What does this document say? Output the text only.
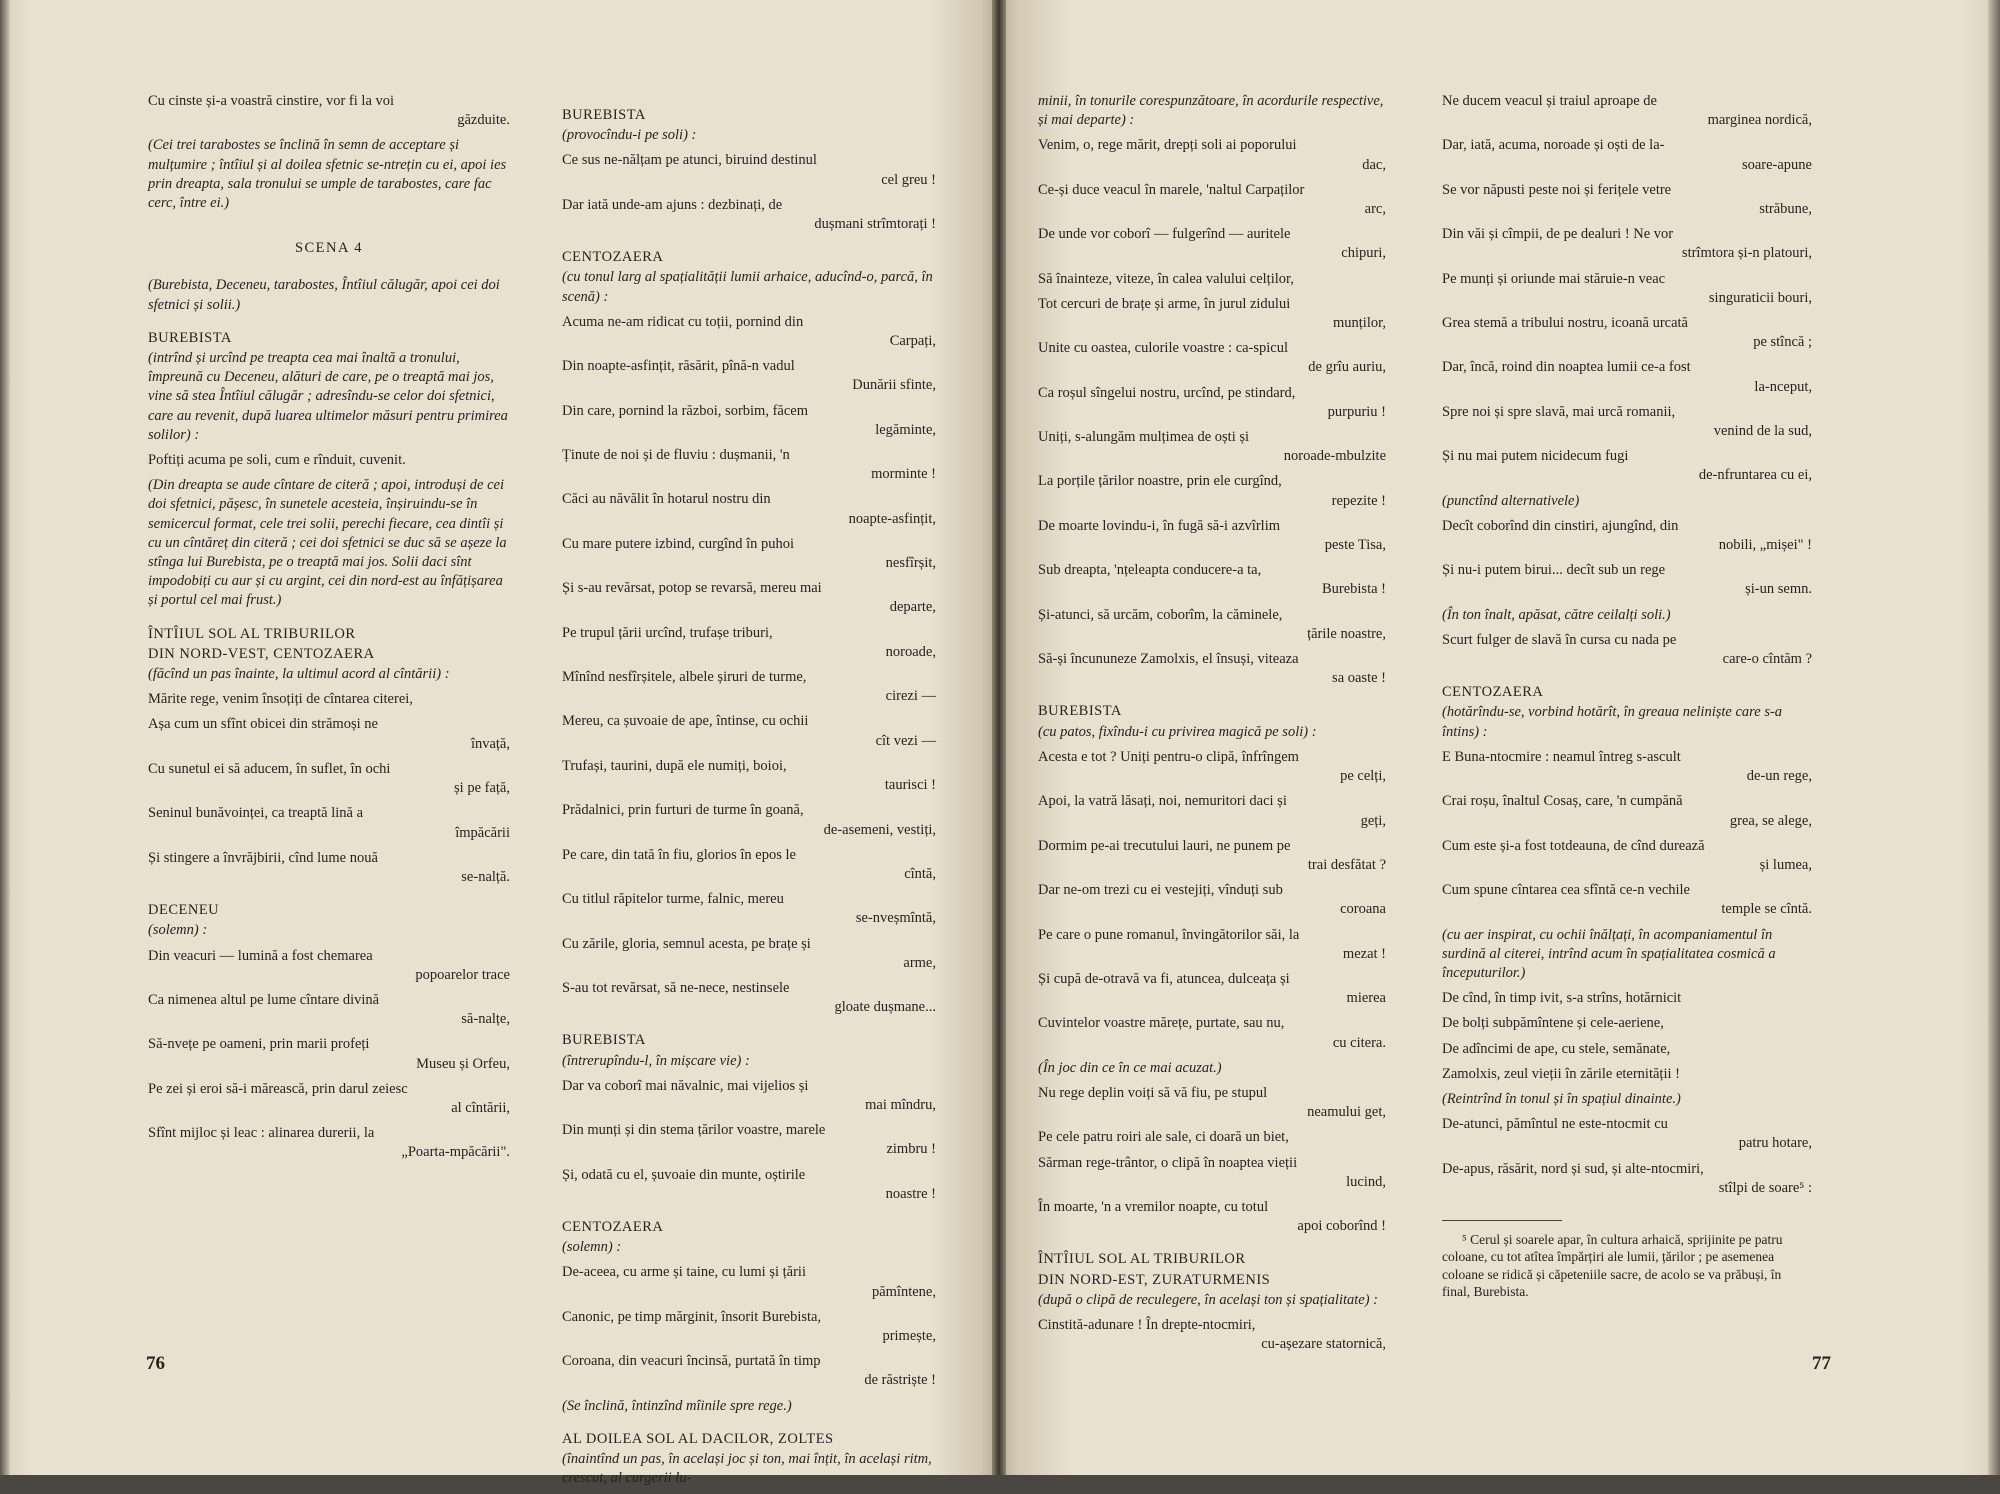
Cu cinste și-a voastră cinstire, vor fi la voi
găzduite.

(Cei trei tarabostes se înclină în semn de acceptare și mulțumire ; întîiul și al doilea sfetnic se-ntrețin cu ei, apoi ies prin dreapta, sala tronului se umple de tarabostes, care fac cerc, între ei.)
SCENA 4
(Burebista, Deceneu, tarabostes, Întîiul călugăr, apoi cei doi sfetnici și solii.)
BUREBISTA
(intrînd și urcînd pe treapta cea mai înaltă a tronului, împreună cu Deceneu, alături de care, pe o treaptă mai jos, vine să stea Întîiul călugăr ; adresîndu-se celor doi sfetnici, care au revenit, după luarea ultimelor măsuri pentru primirea solilor) :

Poftiți acuma pe soli, cum e rînduit, cuvenit.

(Din dreapta se aude cîntare de citeră ; apoi, introduși de cei doi sfetnici, pășesc, în sunetele acesteia, înșiruindu-se în semicercul format, cele trei solii, perechi fiecare, cea dintîi și cu un cîntăreț din citeră ; cei doi sfetnici se duc să se așeze la stînga lui Burebista, pe o treaptă mai jos. Solii daci sînt impodobiți cu aur și cu argint, cei din nord-est au înfățișarea și portul cel mai frust.)
ÎNTÎIUL SOL AL TRIBURILOR
DIN NORD-VEST, CENTOZAERA
(făcînd un pas înainte, la ultimul acord al cîntării) :

Mărite rege, venim însoțiți de cîntarea citerei,

Așa cum un sfînt obicei din strămoși ne
învață,

Cu sunetul ei să aducem, în suflet, în ochi
și pe față,

Seninul bunăvoinței, ca treaptă lină a
împăcării

Și stingere a învrăjbirii, cînd lume nouă
se-nalță.

DECENEU
(solemn) :

Din veacuri — lumină a fost chemarea
popoarelor trace

Ca nimenea altul pe lume cîntare divină
să-nalțe,

Să-nvețe pe oameni, prin marii profeți
Museu și Orfeu,

Pe zei și eroi să-i mărească, prin darul zeiesc
al cîntării,

Sfînt mijloc și leac : alinarea durerii, la
„Poarta-mpăcării".

BUREBISTA
(provocîndu-i pe soli) :

Ce sus ne-nălțam pe atunci, biruind destinul
cel greu !

Dar iată unde-am ajuns : dezbinați, de
dușmani strîmtorați !

CENTOZAERA
(cu tonul larg al spațialității lumii arhaice, aducînd-o, parcă, în scenă) :

Acuma ne-am ridicat cu toții, pornind din
Carpați,

Din noapte-asfințit, răsărit, pînă-n vadul
Dunării sfinte,

Din care, pornind la război, sorbim, făcem
legăminte,

Ținute de noi și de fluviu : dușmanii, 'n
morminte !

Căci au năvălit în hotarul nostru din
noapte-asfințit,

Cu mare putere izbind, curgînd în puhoi
nesfîrșit,

Și s-au revărsat, potop se revarsă, mereu mai
departe,

Pe trupul țării urcînd, trufașe triburi,
noroade,

Mînînd nesfîrșitele, albele șiruri de turme,
cirezi —

Mereu, ca șuvoaie de ape, întinse, cu ochii
cît vezi —

Trufași, taurini, după ele numiți, boioi,
taurisci !

Prădalnici, prin furturi de turme în goană,
de-asemeni, vestiți,

Pe care, din tată în fiu, glorios în epos le
cîntă,

Cu titlul răpitelor turme, falnic, mereu
se-nveșmîntă,

Cu zările, gloria, semnul acesta, pe brațe și
arme,

S-au tot revărsat, să ne-nece, nestinsele
gloate dușmane...

BUREBISTA
(întrerupîndu-l, în mișcare vie) :

Dar va coborî mai năvalnic, mai vijelios și
mai mîndru,

Din munți și din stema țărilor voastre, marele
zimbru !

Și, odată cu el, șuvoaie din munte, oștirile
noastre !

CENTOZAERA
(solemn) :

De-aceea, cu arme și taine, cu lumi și țării
pămîntene,

Canonic, pe timp mărginit, însorit Burebista,
primește,

Coroana, din veacuri încinsă, purtată în timp
de răstriște !

(Se înclină, întinzînd mîinile spre rege.)
AL DOILEA SOL AL DACILOR, ZOLTES
(înaintînd un pas, în același joc și ton, mai înțit, în același ritm, crescut, al curgerii lu-
76
minii, în tonurile corespunzătoare, în acordurile respective, și mai departe) :

Venim, o, rege mărit, drepți soli ai poporului
dac,

Ce-și duce veacul în marele, 'naltul Carpaților
arc,

De unde vor coborî — fulgerînd — auritele
chipuri,

Să înainteze, viteze, în calea valului celților,

Tot cercuri de brațe și arme, în jurul zidului
munților,

Unite cu oastea, culorile voastre : ca-spicul
de grîu auriu,

Ca roșul sîngelui nostru, urcînd, pe stindard,
purpuriu !

Uniți, s-alungăm mulțimea de oști și
noroade-mbulzite

La porțile țărilor noastre, prin ele curgînd,
repezite !

De moarte lovindu-i, în fugă să-i azvîrlim
peste Tisa,

Sub dreapta, 'nțeleapta conducere-a ta,
Burebista !

Și-atunci, să urcăm, coborîm, la căminele,
țările noastre,

Să-și încununeze Zamolxis, el însuși, viteaza
sa oaste !

BUREBISTA
(cu patos, fixîndu-i cu privirea magică pe soli) :

Acesta e tot ? Uniți pentru-o clipă, înfrîngem
pe celți,

Apoi, la vatră lăsați, noi, nemuritori daci și
geți,

Dormim pe-ai trecutului lauri, ne punem pe
trai desfătat ?

Dar ne-om trezi cu ei vestejiți, vînduți sub
coroana

Pe care o pune romanul, învingătorilor săi, la
mezat !

Și cupă de-otravă va fi, atuncea, dulceața și
mierea

Cuvintelor voastre mărețe, purtate, sau nu,
cu citera.

(În joc din ce în ce mai acuzat.)

Nu rege deplin voiți să vă fiu, pe stupul
neamului get,

Pe cele patru roiri ale sale, ci doară un biet,

Sărman rege-trântor, o clipă în noaptea vieții
lucind,

În moarte, 'n a vremilor noapte, cu totul
apoi coborînd !

ÎNTÎIUL SOL AL TRIBURILOR
DIN NORD-EST, ZURATURMENIS
(după o clipă de reculegere, în același ton și spațialitate) :

Cinstită-adunare ! În drepte-ntocmiri,
cu-așezare statornică,

Ne ducem veacul și traiul aproape de
marginea nordică,

Dar, iată, acuma, noroade și oști de la-
soare-apune

Se vor năpusti peste noi și ferițele vetre
străbune,

Din văi și cîmpii, de pe dealuri ! Ne vor
strîmtora și-n platouri,

Pe munți și oriunde mai stăruie-n veac
singuraticii bouri,

Grea stemă a tribului nostru, icoană urcată
pe stîncă ;

Dar, încă, roind din noaptea lumii ce-a fost
la-nceput,

Spre noi și spre slavă, mai urcă romanii,
venind de la sud,

Și nu mai putem nicidecum fugi
de-nfruntarea cu ei,

(punctînd alternativele)

Decît coborînd din cinstiri, ajungînd, din
nobili, „mișei" !

Și nu-i putem birui... decît sub un rege
și-un semn.

(În ton înalt, apăsat, către ceilalți soli.)

Scurt fulger de slavă în cursa cu nada pe
care-o cîntăm ?

CENTOZAERA
(hotărîndu-se, vorbind hotărît, în greaua neliniște care s-a întins) :

E Buna-ntocmire : neamul întreg s-ascult
de-un rege,

Crai roșu, înaltul Cosaș, care, 'n cumpănă
grea, se alege,

Cum este și-a fost totdeauna, de cînd durează
și lumea,

Cum spune cîntarea cea sfîntă ce-n vechile
temple se cîntă.

(cu aer inspirat, cu ochii înălțați, în acompaniamentul în surdină al citerei, intrînd acum în spațialitatea cosmică a începuturilor.)

De cînd, în timp ivit, s-a strîns, hotărnicit

De bolți subpămîntene și cele-aeriene,

De adîncimi de ape, cu stele, semănate,

Zamolxis, zeul vieții în zările eternității !

(Reintrînd în tonul și în spațiul dinainte.)

De-atunci, pămîntul ne este-ntocmit cu
patru hotare,

De-apus, răsărit, nord și sud, și alte-ntocmiri,
stîlpi de soare⁵ :

⁵ Cerul și soarele apar, în cultura arhaică, sprijinite pe patru coloane, cu tot atîtea împărțiri ale lumii, țărilor ; pe asemenea coloane se ridică și căpeteniile sacre, de acolo se va prăbuși, în final, Burebista.
77
